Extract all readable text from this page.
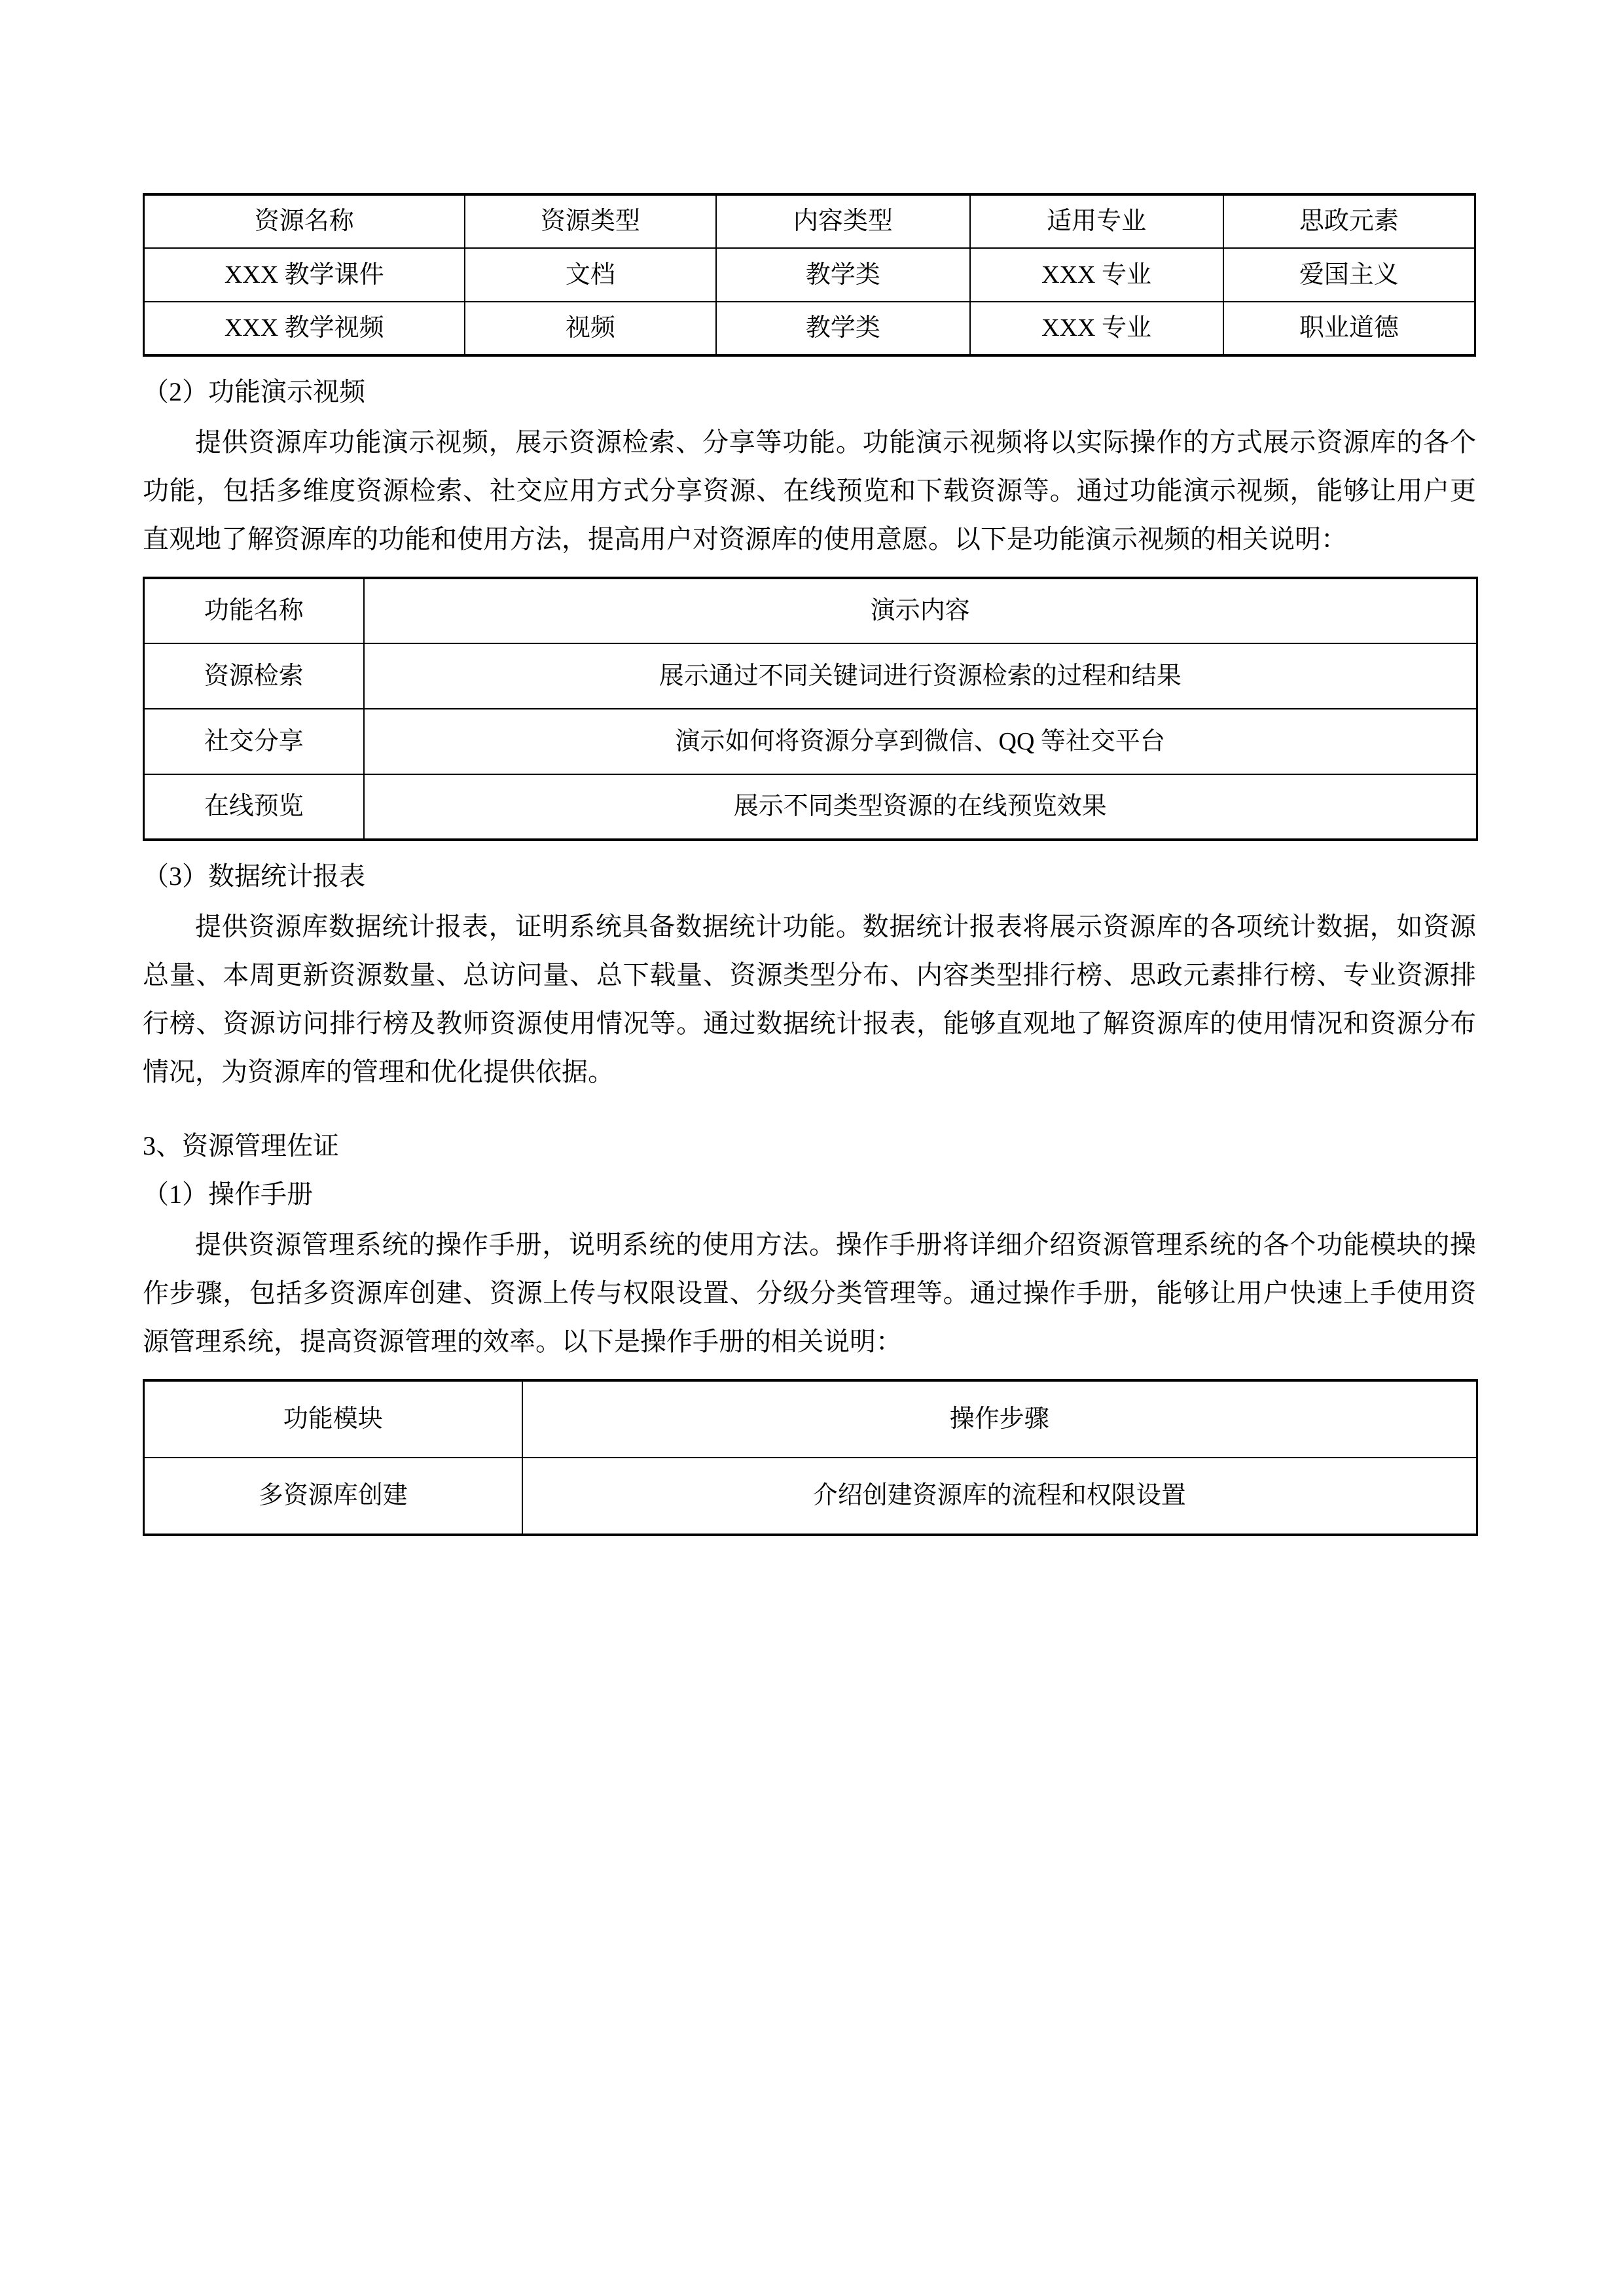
资源名称	资源类型	内容类型	适用专业	思政元素
XXX 教学课件	文档	教学类	XXX 专业	爱国主义
XXX 教学视频	视频	教学类	XXX 专业	职业道德

（2）功能演示视频

提供资源库功能演示视频，展示资源检索、分享等功能。功能演示视频将以实际操作的方式展示资源库的各个功能，包括多维度资源检索、社交应用方式分享资源、在线预览和下载资源等。通过功能演示视频，能够让用户更直观地了解资源库的功能和使用方法，提高用户对资源库的使用意愿。以下是功能演示视频的相关说明：

功能名称	演示内容
资源检索	展示通过不同关键词进行资源检索的过程和结果
社交分享	演示如何将资源分享到微信、QQ 等社交平台
在线预览	展示不同类型资源的在线预览效果

（3）数据统计报表

提供资源库数据统计报表，证明系统具备数据统计功能。数据统计报表将展示资源库的各项统计数据，如资源总量、本周更新资源数量、总访问量、总下载量、资源类型分布、内容类型排行榜、思政元素排行榜、专业资源排行榜、资源访问排行榜及教师资源使用情况等。通过数据统计报表，能够直观地了解资源库的使用情况和资源分布情况，为资源库的管理和优化提供依据。

3、资源管理佐证

（1）操作手册

提供资源管理系统的操作手册，说明系统的使用方法。操作手册将详细介绍资源管理系统的各个功能模块的操作步骤，包括多资源库创建、资源上传与权限设置、分级分类管理等。通过操作手册，能够让用户快速上手使用资源管理系统，提高资源管理的效率。以下是操作手册的相关说明：

功能模块	操作步骤
多资源库创建	介绍创建资源库的流程和权限设置
